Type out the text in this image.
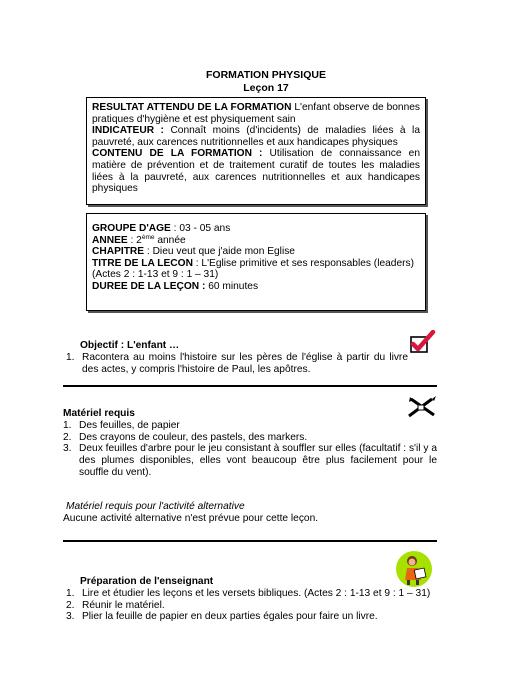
FORMATION PHYSIQUE
Leçon 17

RESULTAT ATTENDU DE LA FORMATION L'enfant observe de bonnes pratiques d'hygiène et est physiquement sain

INDICATEUR : Connaît moins (d'incidents) de maladies liées à la pauvreté, aux carences nutritionnelles et aux handicapes physiques

CONTENU DE LA FORMATION : Utilisation de connaissance en matière de prévention et de traitement curatif de toutes les maladies liées à la pauvreté, aux carences nutritionnelles et aux handicapes physiques

GROUPE D'AGE : 03 - 05 ans

ANNEE : 2ème année

CHAPITRE : Dieu veut que j'aide mon Eglise

TITRE DE LA LECON : L'Eglise primitive et ses responsables (leaders)

(Actes 2 : 1-13 et 9 : 1 – 31)

DUREE DE LA LEÇON : 60 minutes

Objectif : L'enfant …

1. Racontera au moins l'histoire sur les pères de l'église à partir du livre des actes, y compris l'histoire de Paul, les apôtres.

Matériel requis

1. Des feuilles, de papier
2. Des crayons de couleur, des pastels, des markers.
3. Deux feuilles d'arbre pour le jeu consistant à souffler sur elles (facultatif : s'il y a des plumes disponibles, elles vont beaucoup être plus facilement pour le souffle du vent).

Matériel requis pour l'activité alternative

Aucune activité alternative n'est prévue pour cette leçon.

Préparation de l'enseignant

1. Lire et étudier les leçons et les versets bibliques. (Actes 2 : 1-13 et 9 : 1 – 31)
2. Réunir le matériel.
3. Plier la feuille de papier en deux parties égales pour faire un livre.
